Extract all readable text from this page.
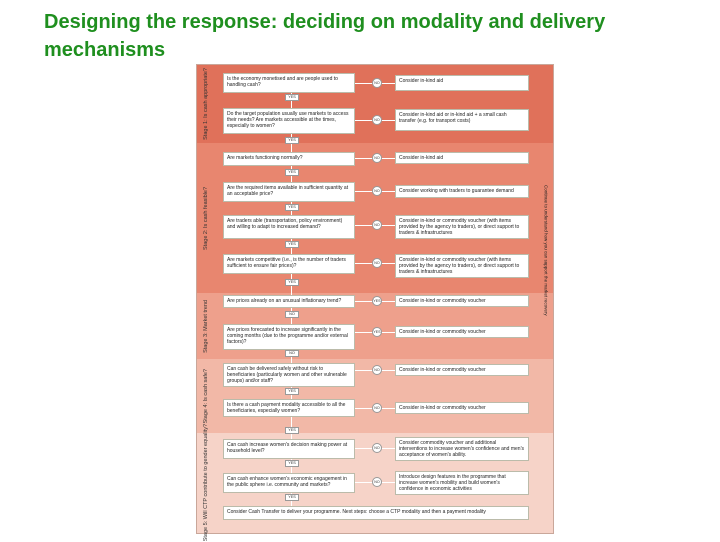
Designing the response: deciding on modality and delivery mechanisms
Stage 1: Is cash appropriate?
Stage 2: Is cash feasible?
Stage 3: Market trend
Stage 4: Is cash safe?
Stage 5: Will CTP contribute to gender equality?
Continue to understand how you can support the market recovery
Is the economy monetised and are people used to handling cash?	NO	Consider in-kind aid
YES
Do the target population usually use markets to access their needs? Are markets accessible at the times, especially to women?
NO
Consider in-kind aid or in-kind aid + a small cash transfer (e.g. for transport costs)
YES
Are markets functioning normally?	NO	Consider in-kind aid
YES
Are the required items available in sufficient quantity at an acceptable price?	NO	Consider working with traders to guarantee demand
YES
Are traders able (transportation, policy environment) and willing to adapt to increased demand?	NO
Consider in-kind or commodity voucher (with items provided by the agency to traders), or direct support to traders & infrastructures
YES
Are markets competitive (i.e., is the number of traders sufficient to ensure fair prices)?	NO	Consider in-kind or commodity voucher (with items provided by the agency to traders), or direct support to traders & infrastructures
YES
Are prices already on an unusual inflationary trend?	YES	Consider in-kind or commodity voucher
NO
Are prices forecasted to increase significantly in the coming months (due to the programme and/or external factors)?
YES	Consider in-kind or commodity voucher
NO
Can cash be delivered safely without risk to beneficiaries (particularly women and other vulnerable groups) and/or staff?
NO	Consider in-kind or commodity voucher
YES
Is there a cash payment modality accessible to all the beneficiaries, especially women?	NO	Consider in-kind or commodity voucher
YES
Can cash increase women's decision making power at household level?	NO
Consider commodity voucher and additional interventions to increase women's confidence and men's acceptance of women's ability.
YES
Can cash enhance women's economic engagement in the public sphere i.e. community and markets?	NO
Introduce design features in the programme that increase women's mobility and build women's confidence in economic activities
YES
Consider Cash Transfer to deliver your programme. Next steps: choose a CTP modality and then a payment modality
